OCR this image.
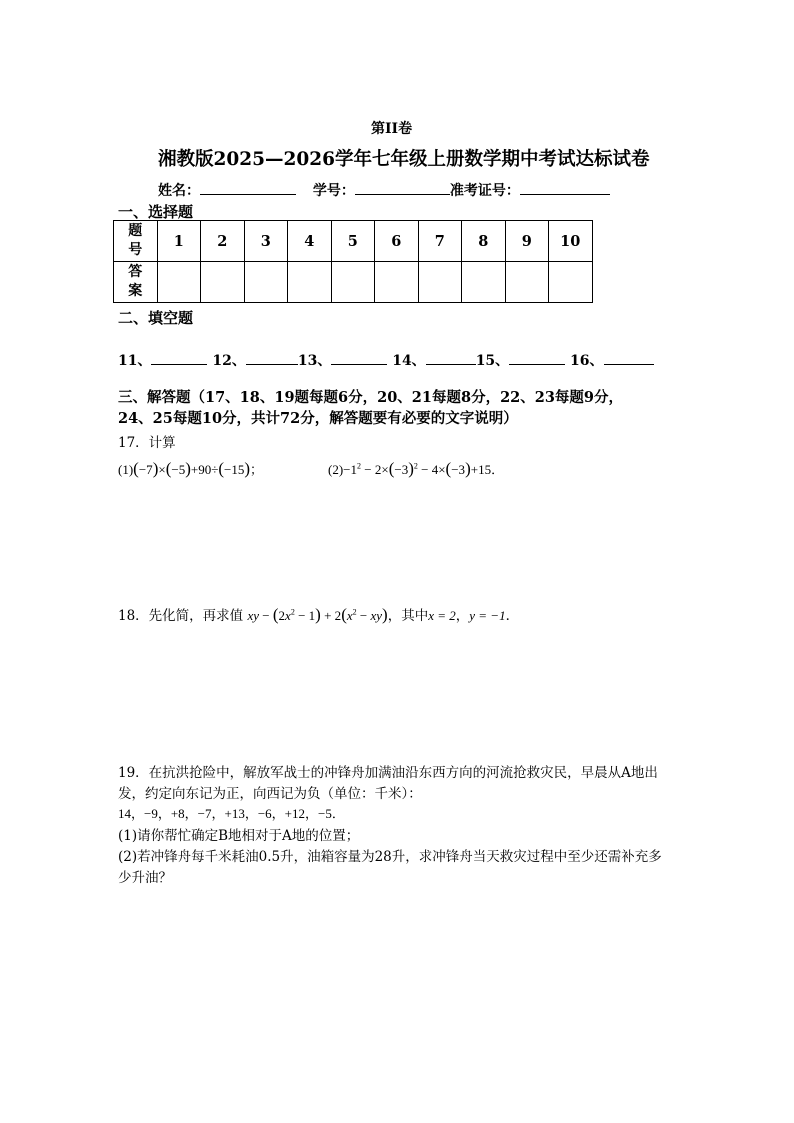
第II卷
湘教版2025—2026学年七年级上册数学期中考试达标试卷
姓名：	学号：	准考证号：
一、选择题
题号	1	2	3	4	5	6	7	8	9	10
答案										
二、填空题
11、	12、	13、	14、	15、	16、
三、解答题（17、18、19题每题6分，20、21每题8分，22、23每题9分，
24、25每题10分，共计72分，解答题要有必要的文字说明）
17．计算
(1)(−7)×(−5)+90÷(−15)；	$(2)-1^2 - 2\times(-3)^2 - 4\times(-3)+15$．
18．先化简，再求值 xy − $(2x^2 - 1) + 2(x^2 - xy)$，其中x = 2，y = −1．
19．在抗洪抢险中，解放军战士的冲锋舟加满油沿东西方向的河流抢救灾民，早晨从A地出
发，约定向东记为正，向西记为负（单位：千米）：
14，−9，+8，−7，+13，−6，+12，−5．
(1)请你帮忙确定B地相对于A地的位置；
(2)若冲锋舟每千米耗油0.5升，油箱容量为28升，求冲锋舟当天救灾过程中至少还需补充多
少升油？
